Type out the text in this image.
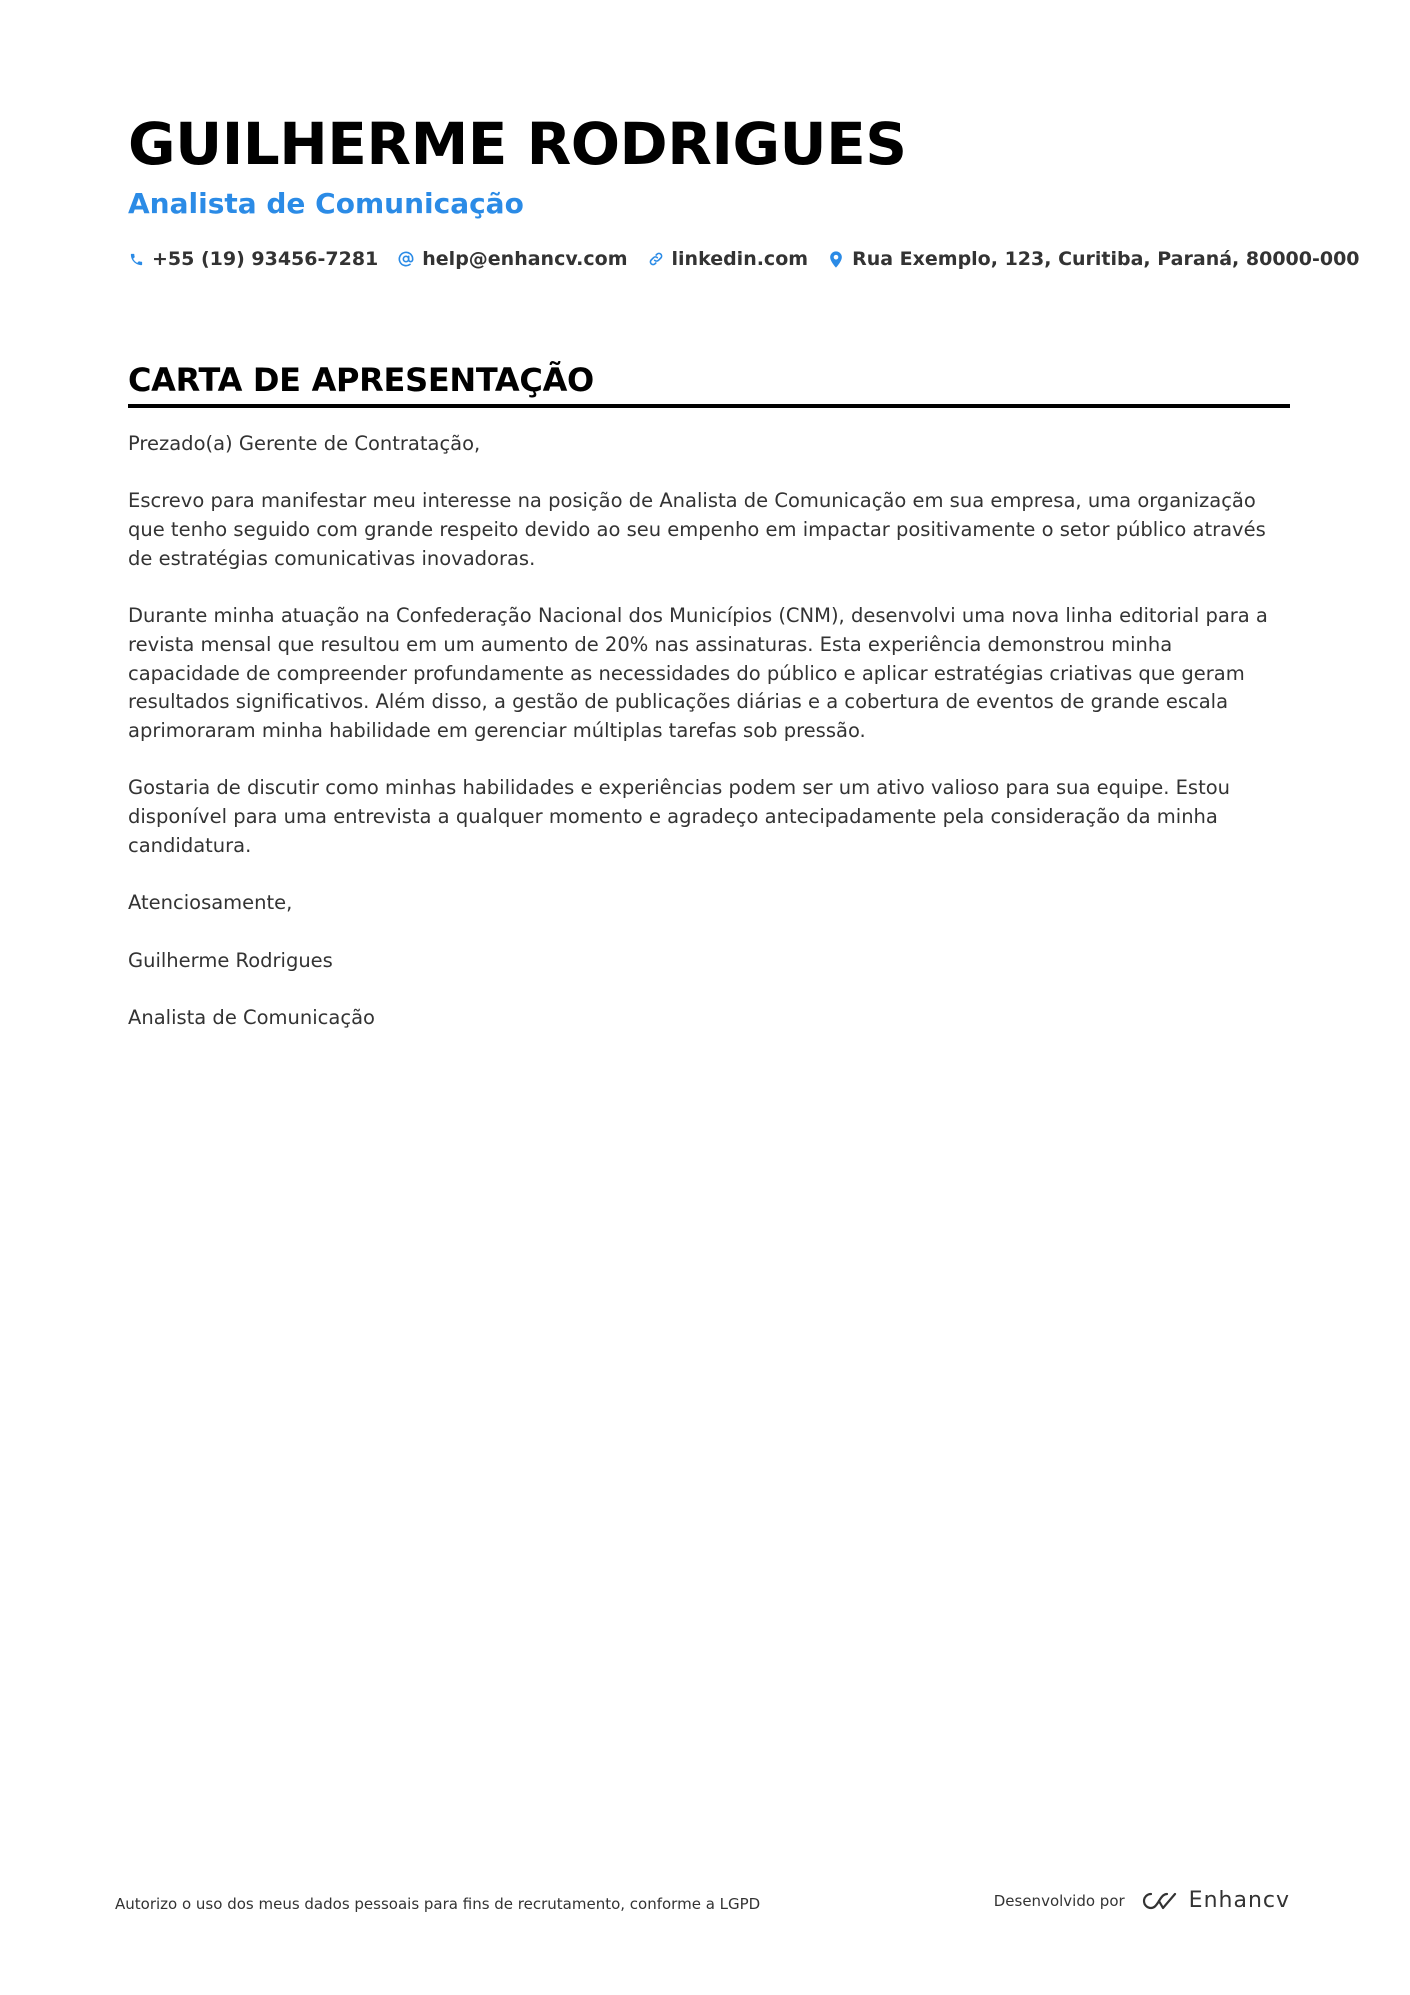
GUILHERME RODRIGUES
Analista de Comunicação
+55 (19) 93456-7281 help@enhancv.com linkedin.com Rua Exemplo, 123, Curitiba, Paraná, 80000-000
CARTA DE APRESENTAÇÃO

Prezado(a) Gerente de Contratação,

Escrevo para manifestar meu interesse na posição de Analista de Comunicação em sua empresa, uma organização que tenho seguido com grande respeito devido ao seu empenho em impactar positivamente o setor público através de estratégias comunicativas inovadoras.

Durante minha atuação na Confederação Nacional dos Municípios (CNM), desenvolvi uma nova linha editorial para a revista mensal que resultou em um aumento de 20% nas assinaturas. Esta experiência demonstrou minha capacidade de compreender profundamente as necessidades do público e aplicar estratégias criativas que geram resultados significativos. Além disso, a gestão de publicações diárias e a cobertura de eventos de grande escala aprimoraram minha habilidade em gerenciar múltiplas tarefas sob pressão.

Gostaria de discutir como minhas habilidades e experiências podem ser um ativo valioso para sua equipe. Estou disponível para uma entrevista a qualquer momento e agradeço antecipadamente pela consideração da minha candidatura.

Atenciosamente,

Guilherme Rodrigues

Analista de Comunicação

Autorizo o uso dos meus dados pessoais para fins de recrutamento, conforme a LGPD	Desenvolvido por	Enhancv
